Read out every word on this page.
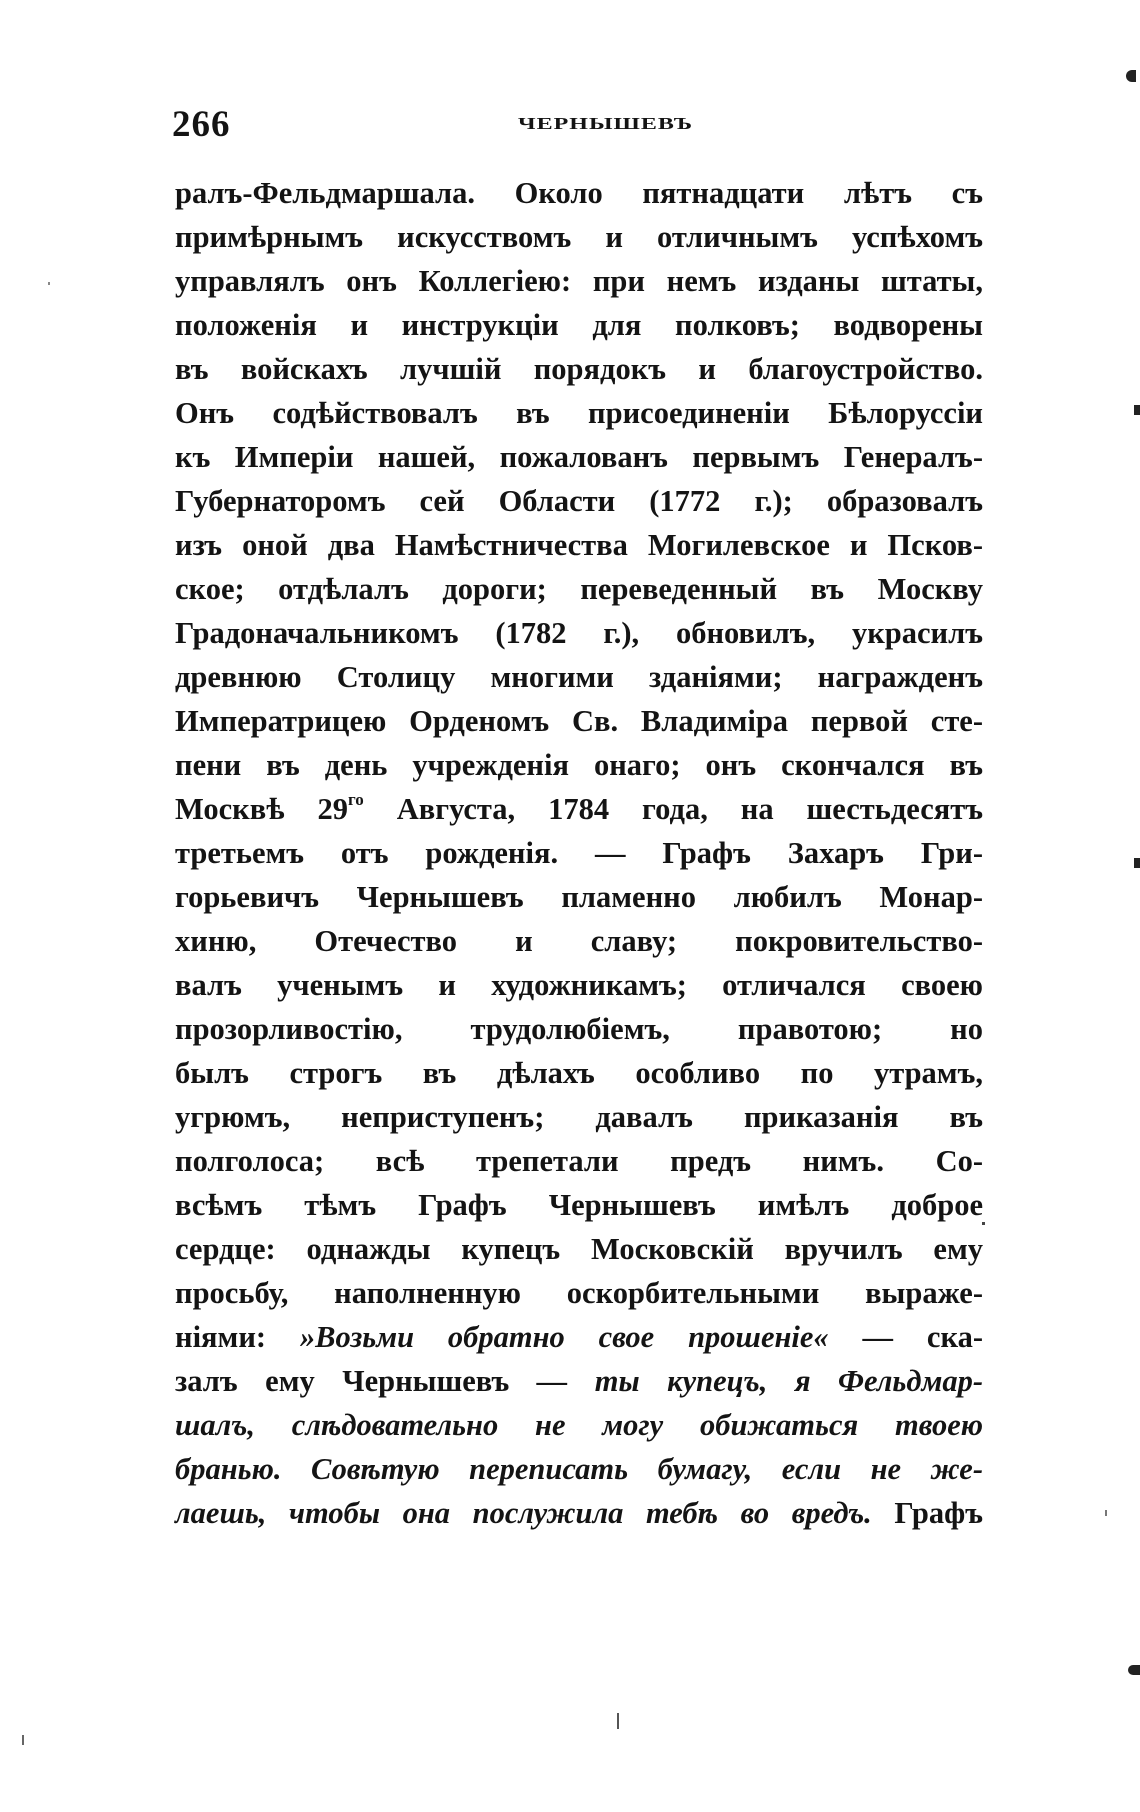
266	ЧЕРНЫШЕВЪ
ралъ-Фельдмаршала. Около пятнадцати лѣтъ съ
примѣрнымъ искусствомъ и отличнымъ успѣхомъ
управлялъ онъ Коллегiею: при немъ изданы штаты,
положенiя и инструкцiи для полковъ; водворены
въ войскахъ лучшiй порядокъ и благоустройство.
Онъ содѣйствовалъ въ присоединенiи Бѣлоруссiи
къ Имперiи нашей, пожалованъ первымъ Генералъ-
Губернаторомъ сей Области (1772 г.); образовалъ
изъ оной два Намѣстничества Могилевское и Псков-
ское; отдѣлалъ дороги; переведенный въ Москву
Градоначальникомъ (1782 г.), обновилъ, украсилъ
древнюю Столицу многими зданiями; награжденъ
Императрицею Орденомъ Св. Владимiра первой сте-
пени въ день учрежденiя онаго; онъ скончался въ
Москвѣ $29^{го}$ Августа, 1784 года, на шестьдесятъ
третьемъ отъ рожденiя. — Графъ Захаръ Гри-
горьевичъ Чернышевъ пламенно любилъ Монар-
хиню, Отечество и славу; покровительство-
валъ ученымъ и художникамъ; отличался своею
прозорливостiю, трудолюбiемъ, правотою; но
былъ строгъ въ дѣлахъ особливо по утрамъ,
угрюмъ, неприступенъ; давалъ приказанiя въ
полголоса; всѣ трепетали предъ нимъ. Со-
всѣмъ тѣмъ Графъ Чернышевъ имѣлъ доброе
сердце: однажды купецъ Московскiй вручилъ ему
просьбу, наполненную оскорбительными выраже-
нiями: »Возьми обратно свое прошенiе« — ска-
залъ ему Чернышевъ — ты купецъ, я Фельдмар-
шалъ, слѣдовательно не могу обижаться твоею
бранью. Совѣтую переписать бумагу, если не же-
лаешь, чтобы она послужила тебѣ во вредъ. Графъ
